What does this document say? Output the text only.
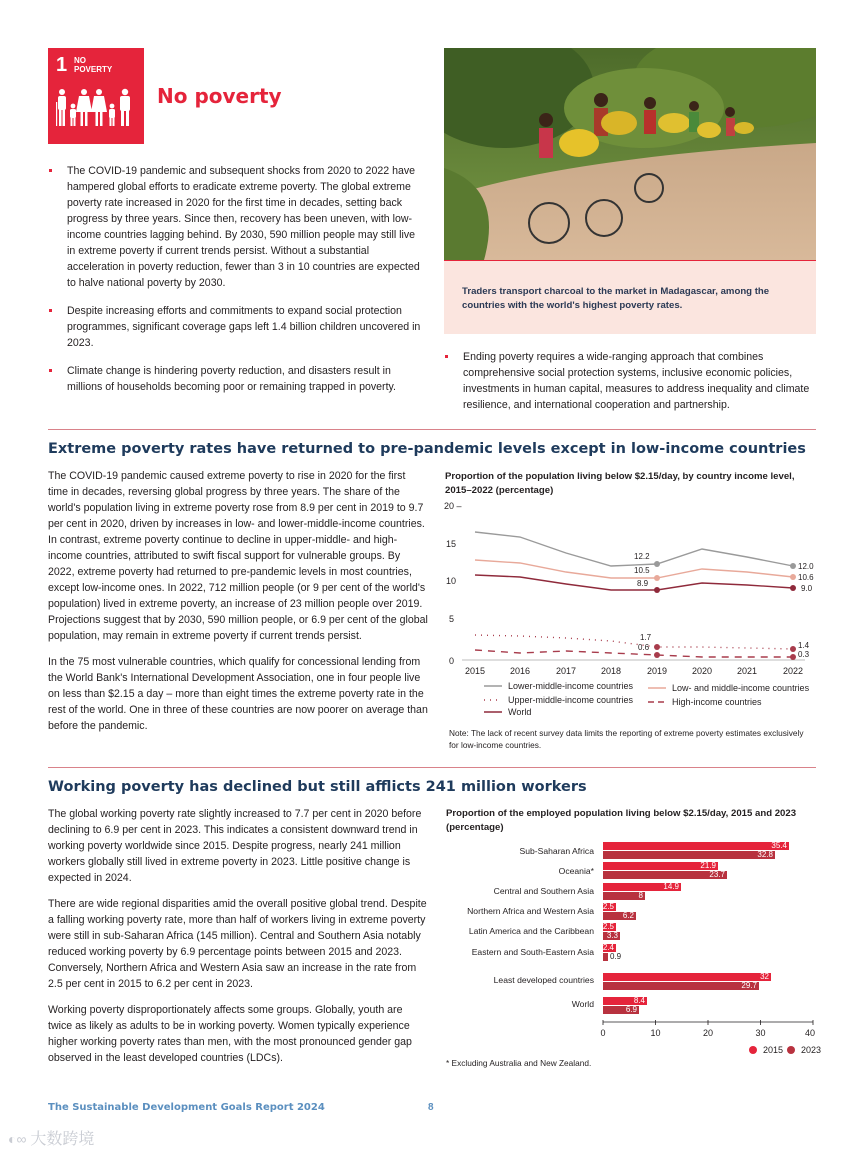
1 NO
POVERTY
No poverty
The COVID-19 pandemic and subsequent shocks from 2020 to 2022 have hampered global efforts to eradicate extreme poverty. The global extreme poverty rate increased in 2020 for the first time in decades, setting back progress by three years. Since then, recovery has been uneven, with low-income countries lagging behind. By 2030, 590 million people may still live in extreme poverty if current trends persist. Without a substantial acceleration in poverty reduction, fewer than 3 in 10 countries are expected to halve national poverty by 2030.
Despite increasing efforts and commitments to expand social protection programmes, significant coverage gaps left 1.4 billion children uncovered in 2023.
Climate change is hindering poverty reduction, and disasters result in millions of households becoming poor or remaining trapped in poverty.
Traders transport charcoal to the market in Madagascar, among the countries with the world's highest poverty rates.
Ending poverty requires a wide-ranging approach that combines comprehensive social protection systems, inclusive economic policies, investments in human capital, measures to address inequality and climate resilience, and international cooperation and partnership.
Extreme poverty rates have returned to pre-pandemic levels except in low-income countries

The COVID-19 pandemic caused extreme poverty to rise in 2020 for the first time in decades, reversing global progress by three years. The share of the world's population living in extreme poverty rose from 8.9 per cent in 2019 to 9.7 per cent in 2020, driven by increases in low- and lower-middle-income countries. In contrast, extreme poverty continue to decline in upper-middle- and high-income countries, attributed to swift fiscal support for vulnerable groups. By 2022, extreme poverty had returned to pre-pandemic levels in most countries, except low-income ones. In 2022, 712 million people (or 9 per cent of the world's population) lived in extreme poverty, an increase of 23 million people over 2019. Projections suggest that by 2030, 590 million people, or 6.9 per cent of the global population, may remain in extreme poverty if current trends persist.

In the 75 most vulnerable countries, which qualify for concessional lending from the World Bank's International Development Association, one in four people live on less than $2.15 a day – more than eight times the extreme poverty rate in the rest of the world. One in three of these countries are now poorer on average than before the pandemic.

Proportion of the population living below $2.15/day, by country income level, 2015–2022 (percentage)
20 –
15
10
5
0
2015	2016	2017	2018	2019	2020	2021	2022
12.2
10.5
8.9
1.7
0.6
12.0
10.6
9.0
1.4
0.3
Lower-middle-income countries	Low- and middle-income countries
Upper-middle-income countries	High-income countries
World
Note: The lack of recent survey data limits the reporting of extreme poverty estimates exclusively for low-income countries.
Working poverty has declined but still afflicts 241 million workers

The global working poverty rate slightly increased to 7.7 per cent in 2020 before declining to 6.9 per cent in 2023. This indicates a consistent downward trend in working poverty worldwide since 2015. Despite progress, nearly 241 million workers globally still lived in extreme poverty in 2023. Little positive change is expected in 2024.

There are wide regional disparities amid the overall positive global trend. Despite a falling working poverty rate, more than half of workers living in extreme poverty were still in sub-Saharan Africa (145 million). Central and Southern Asia notably reduced working poverty by 6.9 percentage points between 2015 and 2023. Conversely, Northern Africa and Western Asia saw an increase in the rate from 2.5 per cent in 2015 to 6.2 per cent in 2023.

Working poverty disproportionately affects some groups. Globally, youth are twice as likely as adults to be in working poverty. Women typically experience higher working poverty rates than men, with the most pronounced gender gap observed in the least developed countries (LDCs).

Proportion of the employed population living below $2.15/day, 2015 and 2023 (percentage)
Sub-Saharan Africa
Oceania*
Central and Southern Asia
Northern Africa and Western Asia
Latin America and the Caribbean
Eastern and South-Eastern Asia
Least developed countries
World
35.4
32.8
21.9
23.7
14.9
8
2.5
6.2
2.5
3.3
2.4
0.9
32
29.7
8.4
6.9
0	10	20	30	40
2015 2023
* Excluding Australia and New Zealand.
The Sustainable Development Goals Report 2024	8
◐∞ 大数跨境
